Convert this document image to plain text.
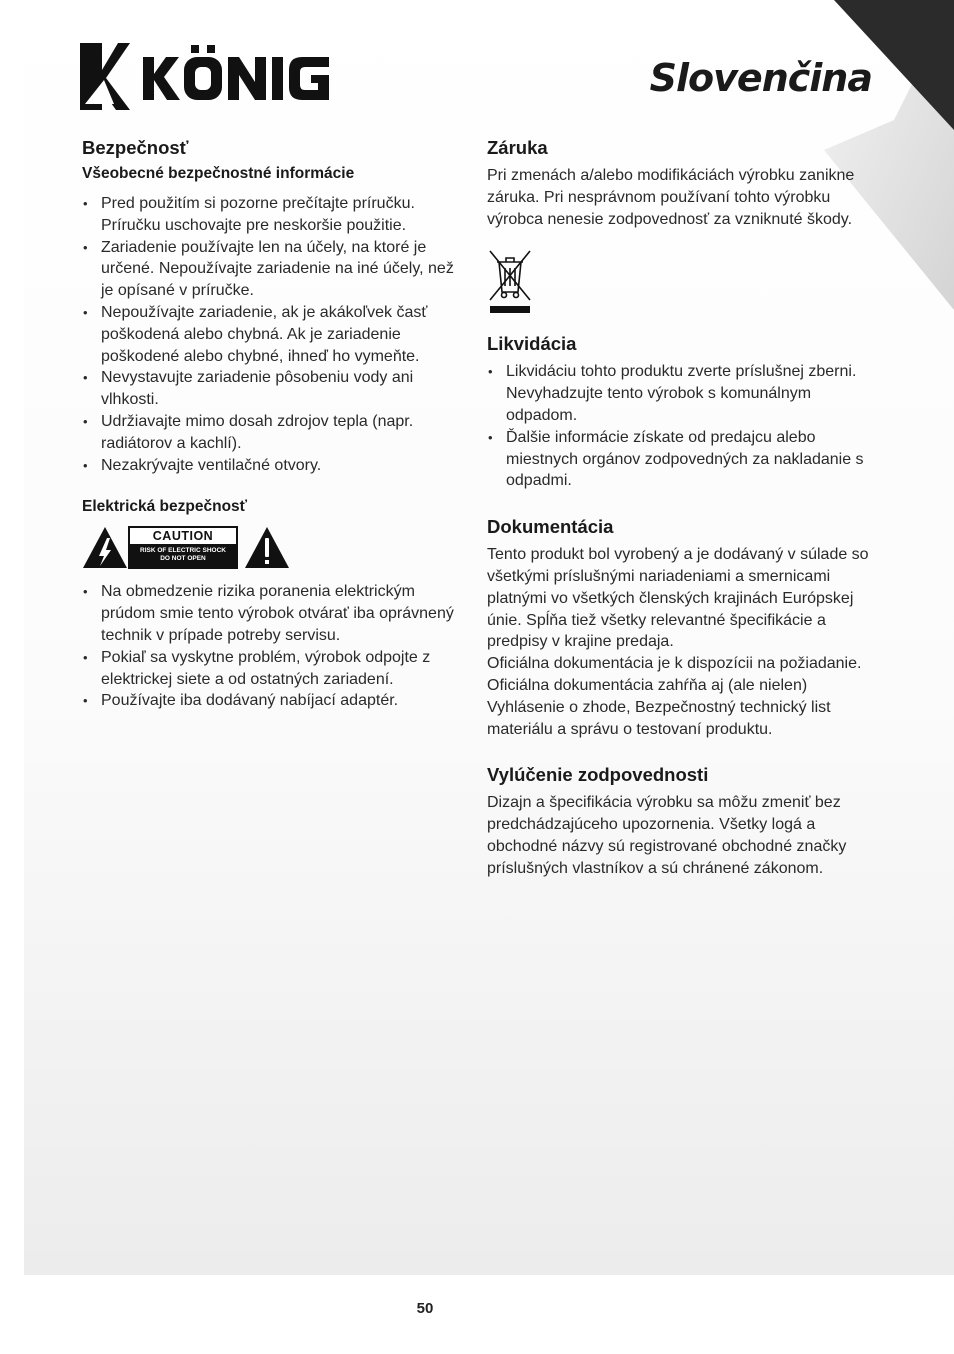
Slovenčina
Bezpečnosť
Všeobecné bezpečnostné informácie
• Pred použitím si pozorne prečítajte príručku. Príručku uschovajte pre neskoršie použitie.
• Zariadenie používajte len na účely, na ktoré je určené. Nepoužívajte zariadenie na iné účely, než je opísané v príručke.
• Nepoužívajte zariadenie, ak je akákoľvek časť poškodená alebo chybná. Ak je zariadenie poškodené alebo chybné, ihneď ho vymeňte.
• Nevystavujte zariadenie pôsobeniu vody ani vlhkosti.
• Udržiavajte mimo dosah zdrojov tepla (napr. radiátorov a kachlí).
• Nezakrývajte ventilačné otvory.
Elektrická bezpečnosť
CAUTION
RISK OF ELECTRIC SHOCK
DO NOT OPEN
• Na obmedzenie rizika poranenia elektrickým prúdom smie tento výrobok otvárať iba oprávnený technik v prípade potreby servisu.
• Pokiaľ sa vyskytne problém, výrobok odpojte z elektrickej siete a od ostatných zariadení.
• Používajte iba dodávaný nabíjací adaptér.
Záruka

Pri zmenách a/alebo modifikáciách výrobku zanikne záruka. Pri nesprávnom používaní tohto výrobku výrobca nenesie zodpovednosť za vzniknuté škody.

Likvidácia
• Likvidáciu tohto produktu zverte príslušnej zberni. Nevyhadzujte tento výrobok s komunálnym odpadom.
• Ďalšie informácie získate od predajcu alebo miestnych orgánov zodpovedných za nakladanie s odpadmi.
Dokumentácia

Tento produkt bol vyrobený a je dodávaný v súlade so všetkými príslušnými nariadeniami a smernicami platnými vo všetkých členských krajinách Európskej únie. Spĺňa tiež všetky relevantné špecifikácie a predpisy v krajine predaja.

Oficiálna dokumentácia je k dispozícii na požiadanie. Oficiálna dokumentácia zahŕňa aj (ale nielen) Vyhlásenie o zhode, Bezpečnostný technický list materiálu a správu o testovaní produktu.

Vylúčenie zodpovednosti

Dizajn a špecifikácia výrobku sa môžu zmeniť bez predchádzajúceho upozornenia. Všetky logá a obchodné názvy sú registrované obchodné značky príslušných vlastníkov a sú chránené zákonom.

50
